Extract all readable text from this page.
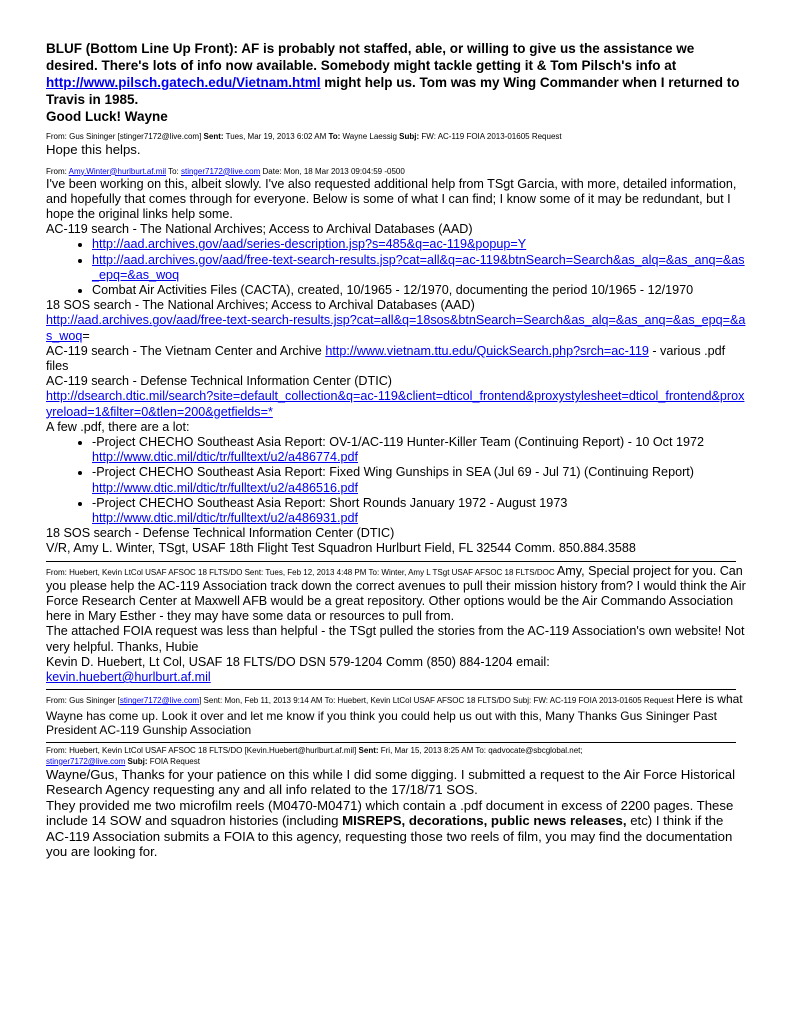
BLUF (Bottom Line Up Front): AF is probably not staffed, able, or willing to give us the assistance we desired. There's lots of info now available. Somebody might tackle getting it & Tom Pilsch's info at http://www.pilsch.gatech.edu/Vietnam.html might help us. Tom was my Wing Commander when I returned to Travis in 1985.
Good Luck! Wayne
From: Gus Sininger [stinger7172@live.com] Sent: Tues, Mar 19, 2013 6:02 AM To: Wayne Laessig Subj: FW: AC-119 FOIA 2013-01605 Request
Hope this helps.
From: Amy.Winter@hurlburt.af.mil To: stinger7172@live.com Date: Mon, 18 Mar 2013 09:04:59 -0500
I've been working on this, albeit slowly. I've also requested additional help from TSgt Garcia, with more, detailed information, and hopefully that comes through for everyone. Below is some of what I can find; I know some of it may be redundant, but I hope the original links help some.
AC-119 search - The National Archives; Access to Archival Databases (AAD)
• http://aad.archives.gov/aad/series-description.jsp?s=485&q=ac-119&popup=Y
• http://aad.archives.gov/aad/free-text-search-results.jsp?cat=all&q=ac-119&btnSearch=Search&as_alq=&as_anq=&as_epq=&as_woq
• Combat Air Activities Files (CACTA), created, 10/1965 - 12/1970, documenting the period 10/1965 - 12/1970
18 SOS search - The National Archives; Access to Archival Databases (AAD)
http://aad.archives.gov/aad/free-text-search-results.jsp?cat=all&q=18sos&btnSearch=Search&as_alq=&as_anq=&as_epq=&as_woq=
AC-119 search - The Vietnam Center and Archive http://www.vietnam.ttu.edu/QuickSearch.php?srch=ac-119 - various .pdf files
AC-119 search - Defense Technical Information Center (DTIC)
http://dsearch.dtic.mil/search?site=default_collection&q=ac-119&client=dticol_frontend&proxystylesheet=dticol_frontend&proxyreload=1&filter=0&tlen=200&getfields=*
A few .pdf, there are a lot:
• -Project CHECHO Southeast Asia Report: OV-1/AC-119 Hunter-Killer Team (Continuing Report) - 10 Oct 1972 http://www.dtic.mil/dtic/tr/fulltext/u2/a486774.pdf
• -Project CHECHO Southeast Asia Report: Fixed Wing Gunships in SEA (Jul 69 - Jul 71) (Continuing Report) http://www.dtic.mil/dtic/tr/fulltext/u2/a486516.pdf
• -Project CHECHO Southeast Asia Report: Short Rounds January 1972 - August 1973 http://www.dtic.mil/dtic/tr/fulltext/u2/a486931.pdf
18 SOS search - Defense Technical Information Center (DTIC)
V/R, Amy L. Winter, TSgt, USAF 18th Flight Test Squadron Hurlburt Field, FL 32544 Comm. 850.884.3588
From: Huebert, Kevin LtCol USAF AFSOC 18 FLTS/DO Sent: Tues, Feb 12, 2013 4:48 PM To: Winter, Amy L TSgt USAF AFSOC 18 FLTS/DOC Amy, Special project for you. Can you please help the AC-119 Association track down the correct avenues to pull their mission history from? I would think the Air Force Research Center at Maxwell AFB would be a great repository. Other options would be the Air Commando Association here in Mary Esther - they may have some data or resources to pull from.
The attached FOIA request was less than helpful - the TSgt pulled the stories from the AC-119 Association's own website! Not very helpful. Thanks, Hubie
Kevin D. Huebert, Lt Col, USAF 18 FLTS/DO DSN 579-1204 Comm (850) 884-1204 email:
kevin.huebert@hurlburt.af.mil
From: Gus Sininger [stinger7172@live.com] Sent: Mon, Feb 11, 2013 9:14 AM To: Huebert, Kevin LtCol USAF AFSOC 18 FLTS/DO Subj: FW: AC-119 FOIA 2013-01605 Request Here is what Wayne has come up. Look it over and let me know if you think you could help us out with this, Many Thanks Gus Sininger Past President AC-119 Gunship Association
From: Huebert, Kevin LtCol USAF AFSOC 18 FLTS/DO [Kevin.Huebert@hurlburt.af.mil] Sent: Fri, Mar 15, 2013 8:25 AM To: qadvocate@sbcglobal.net;
stinger7172@live.com Subj: FOIA Request
Wayne/Gus, Thanks for your patience on this while I did some digging. I submitted a request to the Air Force Historical Research Agency requesting any and all info related to the 17/18/71 SOS.
They provided me two microfilm reels (M0470-M0471) which contain a .pdf document in excess of 2200 pages. These include 14 SOW and squadron histories (including MISREPS, decorations, public news releases, etc) I think if the AC-119 Association submits a FOIA to this agency, requesting those two reels of film, you may find the documentation you are looking for.
